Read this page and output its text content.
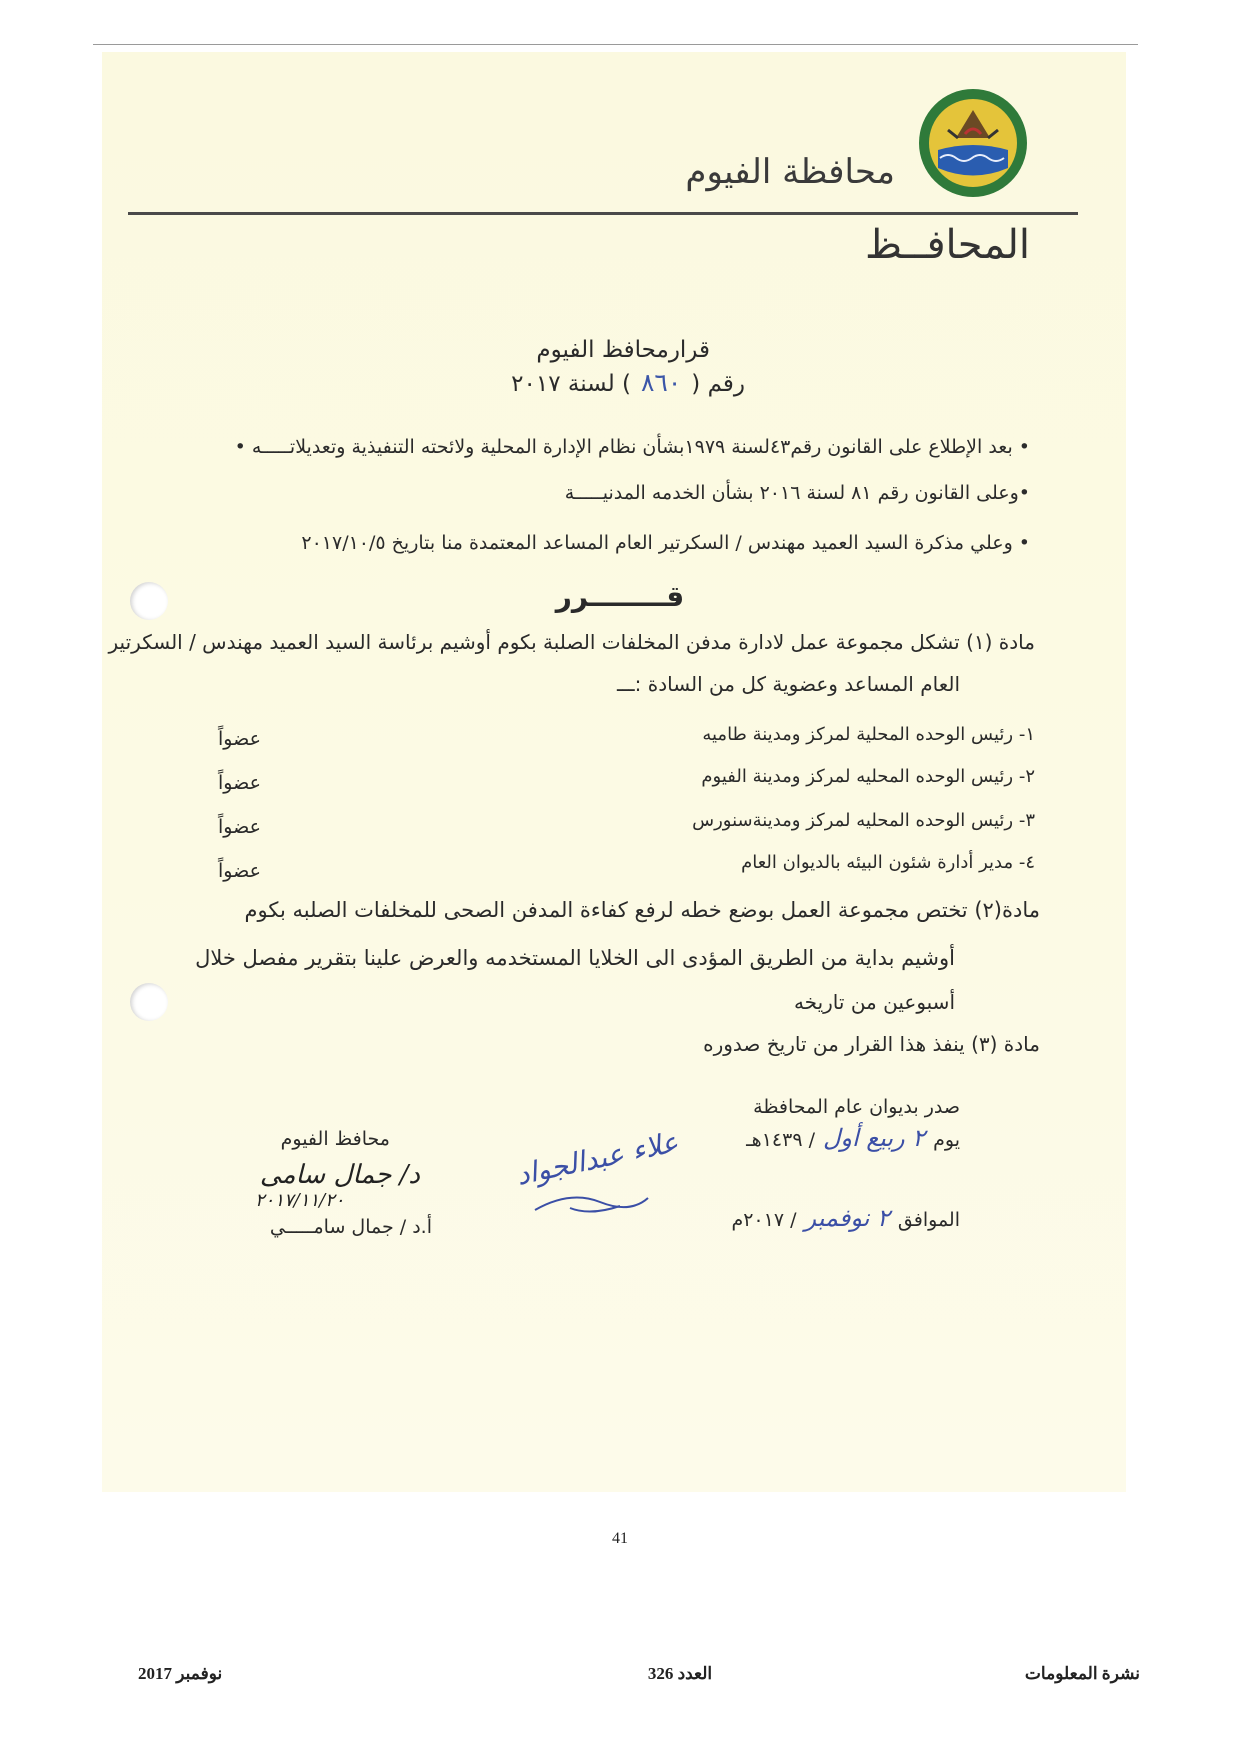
محافظة الفيوم
المحافــظ
قرارمحافظ الفيوم
رقم (
٨٦٠
) لسنة ٢٠١٧
• بعد الإطلاع على القانون رقم٤٣لسنة ١٩٧٩بشأن نظام الإدارة المحلية ولائحته التنفيذية وتعديلاتـــــه •
•وعلى القانون رقم ٨١ لسنة ٢٠١٦ بشأن الخدمه المدنيـــــة
• وعلي مذكرة السيد العميد مهندس / السكرتير العام المساعد المعتمدة منا بتاريخ ٢٠١٧/١٠/٥
قــــــــرر
مادة (١) تشكل مجموعة عمل لادارة مدفن المخلفات الصلبة بكوم أوشيم برئاسة السيد العميد مهندس / السكرتير
العام المساعد وعضوية كل من السادة :ـــ
١- رئيس الوحده المحلية لمركز ومدينة طاميه
عضواً
٢- رئيس الوحده المحليه لمركز ومدينة الفيوم
عضواً
٣- رئيس الوحده المحليه لمركز ومدينةسنورس
عضواً
٤- مدير أدارة شئون البيئه بالديوان العام
عضواً
مادة(٢) تختص مجموعة العمل بوضع خطه لرفع كفاءة المدفن الصحى للمخلفات الصلبه بكوم
أوشيم بداية من الطريق المؤدى الى الخلايا المستخدمه والعرض علينا بتقرير مفصل خلال
أسبوعين من تاريخه
مادة (٣) ينفذ هذا القرار من تاريخ صدوره
صدر بديوان عام المحافظة
يوم
٢ ربيع أول
/ ١٤٣٩هـ
الموافق
٢ نوفمبر
/ ٢٠١٧م
علاء عبدالجواد
محافظ الفيوم
د/ جمال سامى
٢٠١٧/١١/٢٠
أ.د / جمال سامـــــي
41
نشرة المعلومات
العدد 326
نوفمبر 2017
